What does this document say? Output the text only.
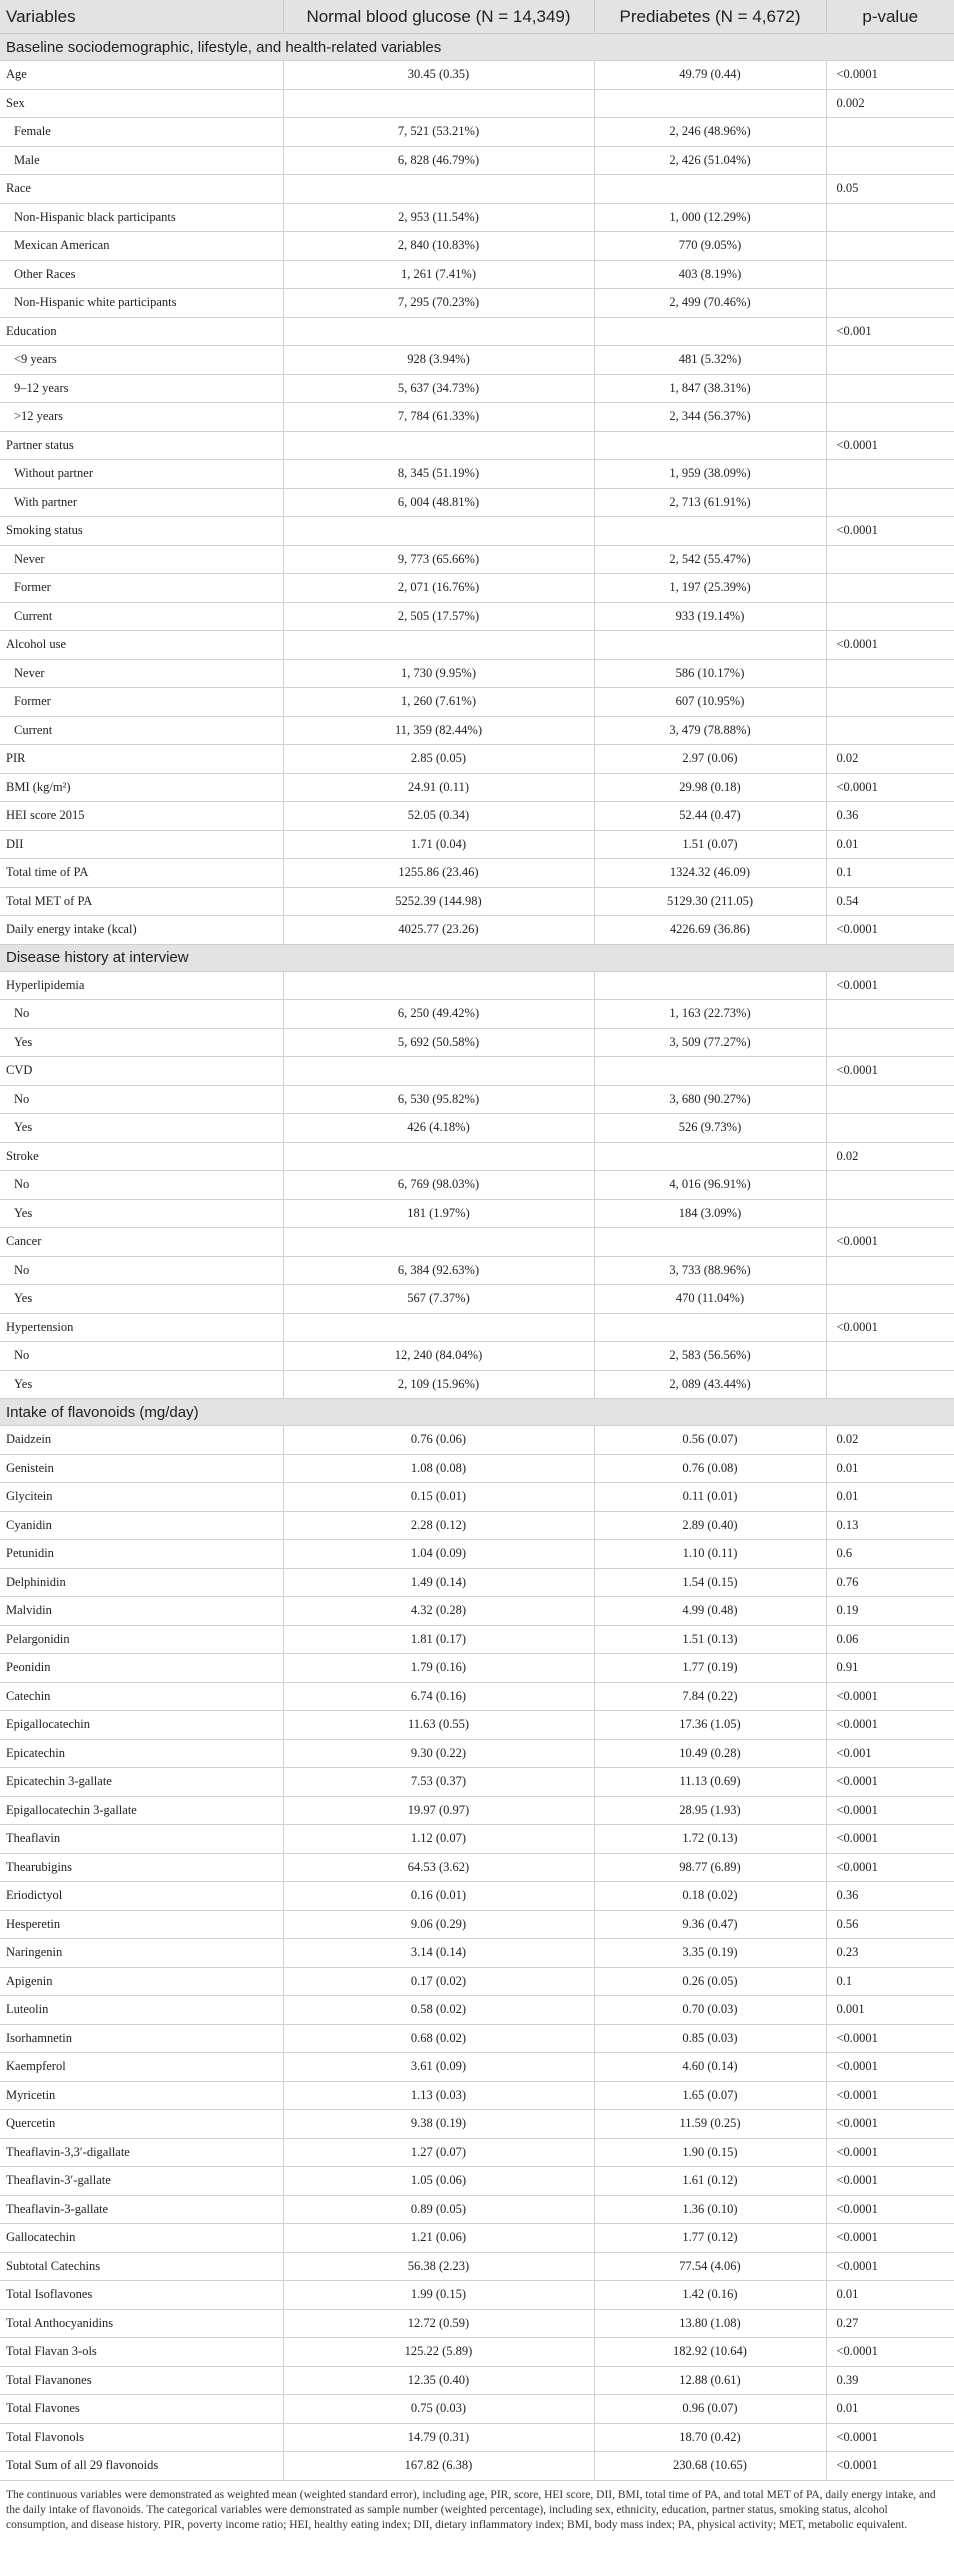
Variables	Normal blood glucose (N = 14,349)	Prediabetes (N = 4,672)	p-value
Baseline sociodemographic, lifestyle, and health-related variables			
Age	30.45 (0.35)	49.79 (0.44)	<0.0001
Sex			0.002
Female	7, 521 (53.21%)	2, 246 (48.96%)	
Male	6, 828 (46.79%)	2, 426 (51.04%)	
Race			0.05
Non-Hispanic black participants	2, 953 (11.54%)	1, 000 (12.29%)	
Mexican American	2, 840 (10.83%)	770 (9.05%)	
Other Races	1, 261 (7.41%)	403 (8.19%)	
Non-Hispanic white participants	7, 295 (70.23%)	2, 499 (70.46%)	
Education			<0.001
<9 years	928 (3.94%)	481 (5.32%)	
9–12 years	5, 637 (34.73%)	1, 847 (38.31%)	
>12 years	7, 784 (61.33%)	2, 344 (56.37%)	
Partner status			<0.0001
Without partner	8, 345 (51.19%)	1, 959 (38.09%)	
With partner	6, 004 (48.81%)	2, 713 (61.91%)	
Smoking status			<0.0001
Never	9, 773 (65.66%)	2, 542 (55.47%)	
Former	2, 071 (16.76%)	1, 197 (25.39%)	
Current	2, 505 (17.57%)	933 (19.14%)	
Alcohol use			<0.0001
Never	1, 730 (9.95%)	586 (10.17%)	
Former	1, 260 (7.61%)	607 (10.95%)	
Current	11, 359 (82.44%)	3, 479 (78.88%)	
PIR	2.85 (0.05)	2.97 (0.06)	0.02
BMI (kg/m²)	24.91 (0.11)	29.98 (0.18)	<0.0001
HEI score 2015	52.05 (0.34)	52.44 (0.47)	0.36
DII	1.71 (0.04)	1.51 (0.07)	0.01
Total time of PA	1255.86 (23.46)	1324.32 (46.09)	0.1
Total MET of PA	5252.39 (144.98)	5129.30 (211.05)	0.54
Daily energy intake (kcal)	4025.77 (23.26)	4226.69 (36.86)	<0.0001
Disease history at interview			
Hyperlipidemia			<0.0001
No	6, 250 (49.42%)	1, 163 (22.73%)	
Yes	5, 692 (50.58%)	3, 509 (77.27%)	
CVD			<0.0001
No	6, 530 (95.82%)	3, 680 (90.27%)	
Yes	426 (4.18%)	526 (9.73%)	
Stroke			0.02
No	6, 769 (98.03%)	4, 016 (96.91%)	
Yes	181 (1.97%)	184 (3.09%)	
Cancer			<0.0001
No	6, 384 (92.63%)	3, 733 (88.96%)	
Yes	567 (7.37%)	470 (11.04%)	
Hypertension			<0.0001
No	12, 240 (84.04%)	2, 583 (56.56%)	
Yes	2, 109 (15.96%)	2, 089 (43.44%)	
Intake of flavonoids (mg/day)			
Daidzein	0.76 (0.06)	0.56 (0.07)	0.02
Genistein	1.08 (0.08)	0.76 (0.08)	0.01
Glycitein	0.15 (0.01)	0.11 (0.01)	0.01
Cyanidin	2.28 (0.12)	2.89 (0.40)	0.13
Petunidin	1.04 (0.09)	1.10 (0.11)	0.6
Delphinidin	1.49 (0.14)	1.54 (0.15)	0.76
Malvidin	4.32 (0.28)	4.99 (0.48)	0.19
Pelargonidin	1.81 (0.17)	1.51 (0.13)	0.06
Peonidin	1.79 (0.16)	1.77 (0.19)	0.91
Catechin	6.74 (0.16)	7.84 (0.22)	<0.0001
Epigallocatechin	11.63 (0.55)	17.36 (1.05)	<0.0001
Epicatechin	9.30 (0.22)	10.49 (0.28)	<0.001
Epicatechin 3-gallate	7.53 (0.37)	11.13 (0.69)	<0.0001
Epigallocatechin 3-gallate	19.97 (0.97)	28.95 (1.93)	<0.0001
Theaflavin	1.12 (0.07)	1.72 (0.13)	<0.0001
Thearubigins	64.53 (3.62)	98.77 (6.89)	<0.0001
Eriodictyol	0.16 (0.01)	0.18 (0.02)	0.36
Hesperetin	9.06 (0.29)	9.36 (0.47)	0.56
Naringenin	3.14 (0.14)	3.35 (0.19)	0.23
Apigenin	0.17 (0.02)	0.26 (0.05)	0.1
Luteolin	0.58 (0.02)	0.70 (0.03)	0.001
Isorhamnetin	0.68 (0.02)	0.85 (0.03)	<0.0001
Kaempferol	3.61 (0.09)	4.60 (0.14)	<0.0001
Myricetin	1.13 (0.03)	1.65 (0.07)	<0.0001
Quercetin	9.38 (0.19)	11.59 (0.25)	<0.0001
Theaflavin-3,3′-digallate	1.27 (0.07)	1.90 (0.15)	<0.0001
Theaflavin-3′-gallate	1.05 (0.06)	1.61 (0.12)	<0.0001
Theaflavin-3-gallate	0.89 (0.05)	1.36 (0.10)	<0.0001
Gallocatechin	1.21 (0.06)	1.77 (0.12)	<0.0001
Subtotal Catechins	56.38 (2.23)	77.54 (4.06)	<0.0001
Total Isoflavones	1.99 (0.15)	1.42 (0.16)	0.01
Total Anthocyanidins	12.72 (0.59)	13.80 (1.08)	0.27
Total Flavan 3-ols	125.22 (5.89)	182.92 (10.64)	<0.0001
Total Flavanones	12.35 (0.40)	12.88 (0.61)	0.39
Total Flavones	0.75 (0.03)	0.96 (0.07)	0.01
Total Flavonols	14.79 (0.31)	18.70 (0.42)	<0.0001
Total Sum of all 29 flavonoids	167.82 (6.38)	230.68 (10.65)	<0.0001
The continuous variables were demonstrated as weighted mean (weighted standard error), including age, PIR, score, HEI score, DII, BMI, total time of PA, and total MET of PA, daily energy intake, and the daily intake of flavonoids. The categorical variables were demonstrated as sample number (weighted percentage), including sex, ethnicity, education, partner status, smoking status, alcohol consumption, and disease history. PIR, poverty income ratio; HEI, healthy eating index; DII, dietary inflammatory index; BMI, body mass index; PA, physical activity; MET, metabolic equivalent.
